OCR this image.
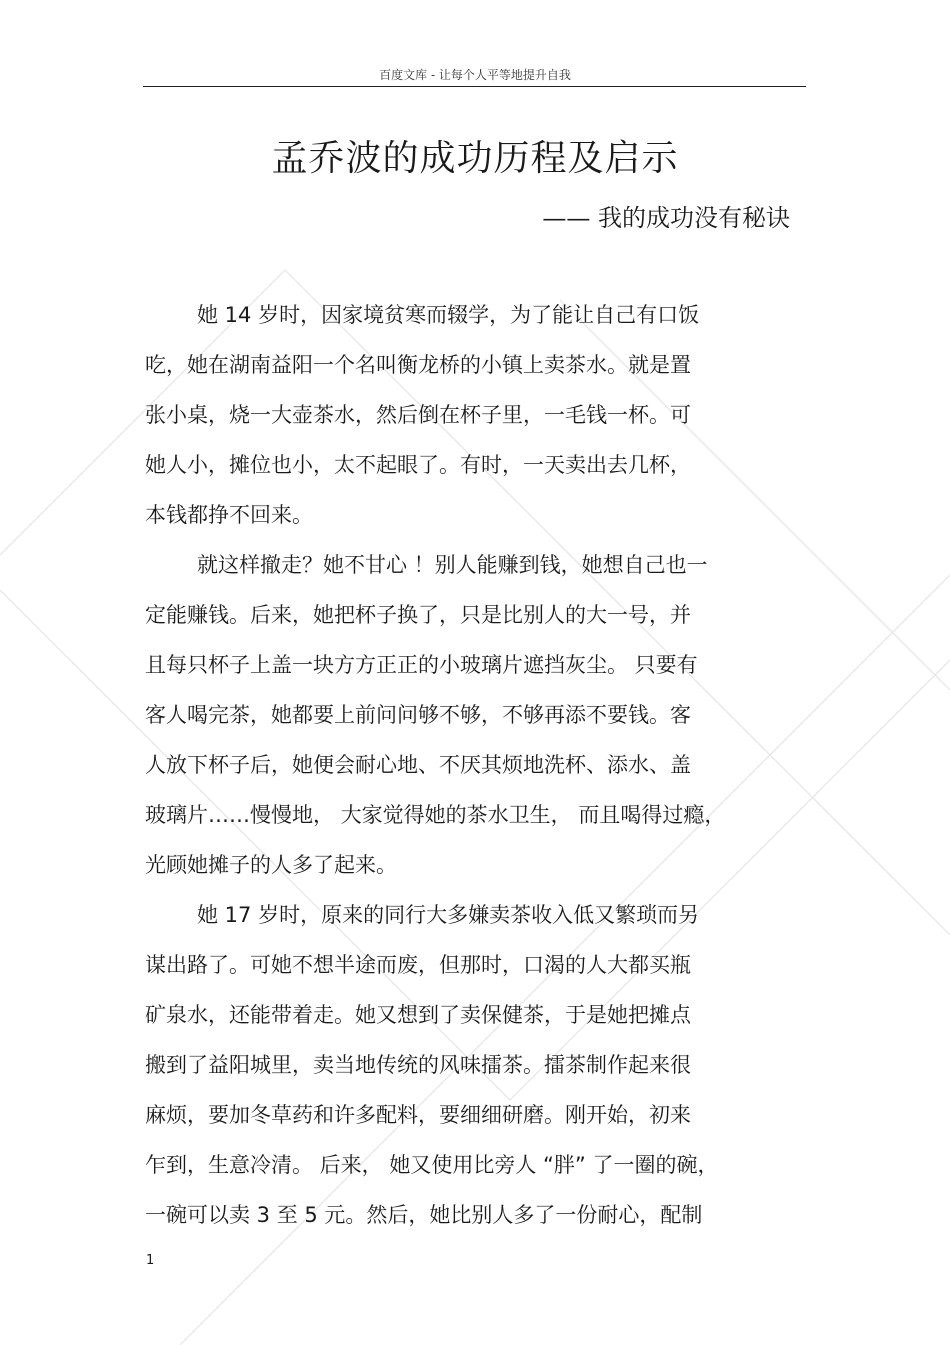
百度文库 - 让每个人平等地提升自我
孟乔波的成功历程及启示
—— 我的成功没有秘诀
她 14 岁时，因家境贫寒而辍学，为了能让自己有口饭
吃，她在湖南益阳一个名叫衡龙桥的小镇上卖茶水。就是置
张小桌，烧一大壶茶水，然后倒在杯子里，一毛钱一杯。可
她人小，摊位也小，太不起眼了。有时，一天卖出去几杯，
本钱都挣不回来。
就这样撤走？她不甘心 ！别人能赚到钱，她想自己也一
定能赚钱。后来，她把杯子换了，只是比别人的大一号，并
且每只杯子上盖一块方方正正的小玻璃片遮挡灰尘。 只要有
客人喝完茶，她都要上前问问够不够，不够再添不要钱。客
人放下杯子后，她便会耐心地、不厌其烦地洗杯、添水、盖
玻璃片……慢慢地， 大家觉得她的茶水卫生， 而且喝得过瘾，
光顾她摊子的人多了起来。
她 17 岁时，原来的同行大多嫌卖茶收入低又繁琐而另
谋出路了。可她不想半途而废，但那时，口渴的人大都买瓶
矿泉水，还能带着走。她又想到了卖保健茶，于是她把摊点
搬到了益阳城里，卖当地传统的风味擂茶。擂茶制作起来很
麻烦，要加冬草药和许多配料，要细细研磨。刚开始，初来
乍到，生意冷清。 后来， 她又使用比旁人 “胖” 了一圈的碗，
一碗可以卖 3 至 5 元。然后，她比别人多了一份耐心，配制
1
